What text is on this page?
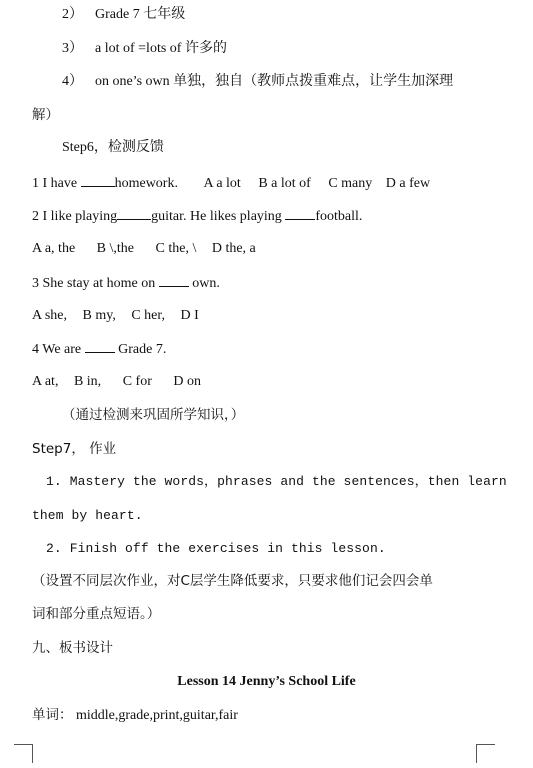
2） Grade 7 七年级
3） a lot of =lots of 许多的
4） on one’s own 单独，独自（教师点拨重难点，让学生加深理
解）
Step6，检测反馈
1 I have	homework. A a lot B a lot of C many D a few
2 I like playing guitar. He likes playing football.
A a, the B \,the C the, \ D the, a
3 She stay at home on	own.
A she, B my, C her, D I
4 We are	Grade 7.
A at, B in, C for D on
（通过检测来巩固所学知识，）
Step7， 作业
1. Mastery the words，phrases and the sentences，then learn
them by heart.
2. Finish off the exercises in this lesson.
（设置不同层次作业，对C层学生降低要求，只要求他们记会四会单
词和部分重点短语。）
九、板书设计
Lesson 14 Jenny’s School Life
单词： middle,grade,print,guitar,fair
